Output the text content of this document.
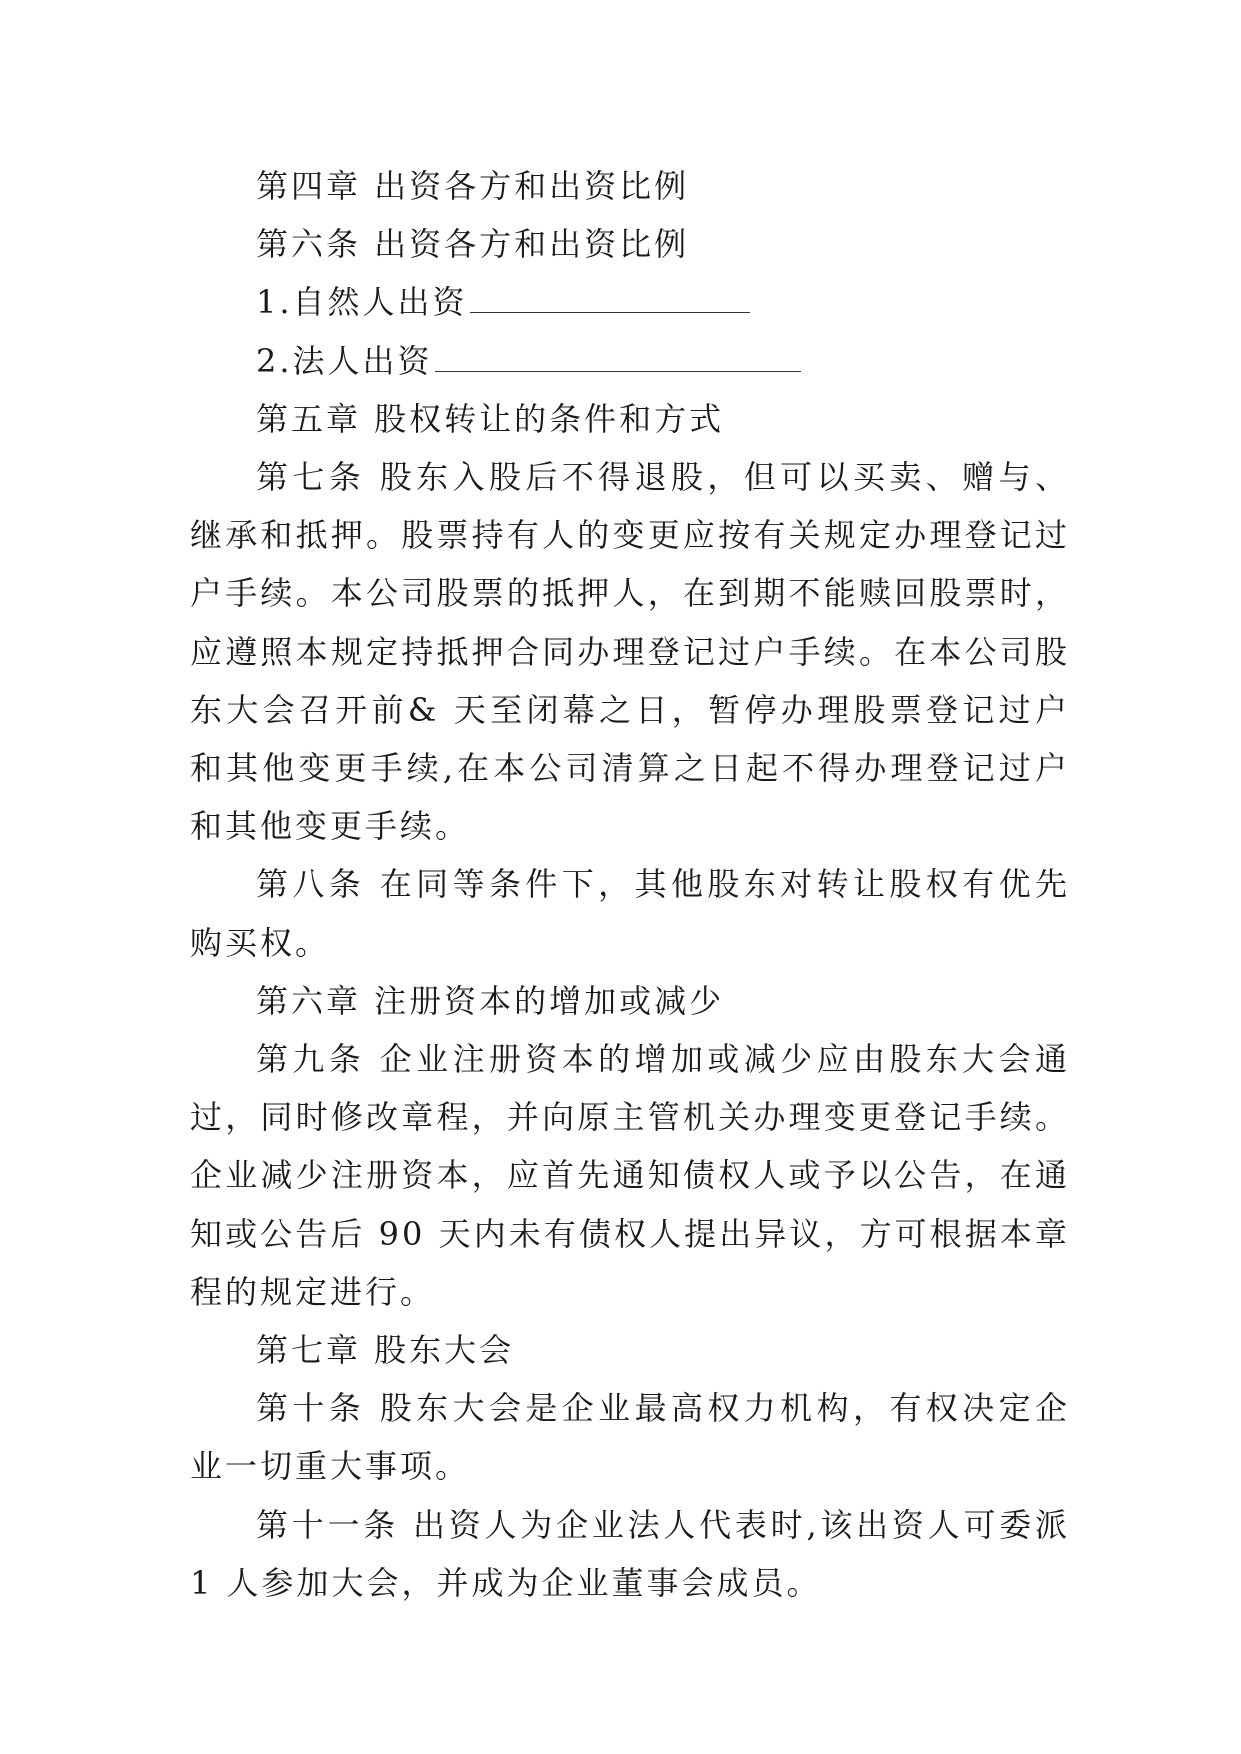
第四章 出资各方和出资比例

第六条 出资各方和出资比例

1.自然人出资

2.法人出资

第五章 股权转让的条件和方式

第七条 股东入股后不得退股，但可以买卖、赠与、继承和抵押。股票持有人的变更应按有关规定办理登记过户手续。本公司股票的抵押人，在到期不能赎回股票时，应遵照本规定持抵押合同办理登记过户手续。在本公司股东大会召开前& 天至闭幕之日，暂停办理股票登记过户和其他变更手续,在本公司清算之日起不得办理登记过户和其他变更手续。

第八条 在同等条件下，其他股东对转让股权有优先购买权。

第六章 注册资本的增加或减少

第九条 企业注册资本的增加或减少应由股东大会通过，同时修改章程，并向原主管机关办理变更登记手续。企业减少注册资本，应首先通知债权人或予以公告，在通知或公告后 90 天内未有债权人提出异议，方可根据本章程的规定进行。

第七章 股东大会

第十条 股东大会是企业最高权力机构，有权决定企业一切重大事项。

第十一条 出资人为企业法人代表时,该出资人可委派 1 人参加大会，并成为企业董事会成员。
